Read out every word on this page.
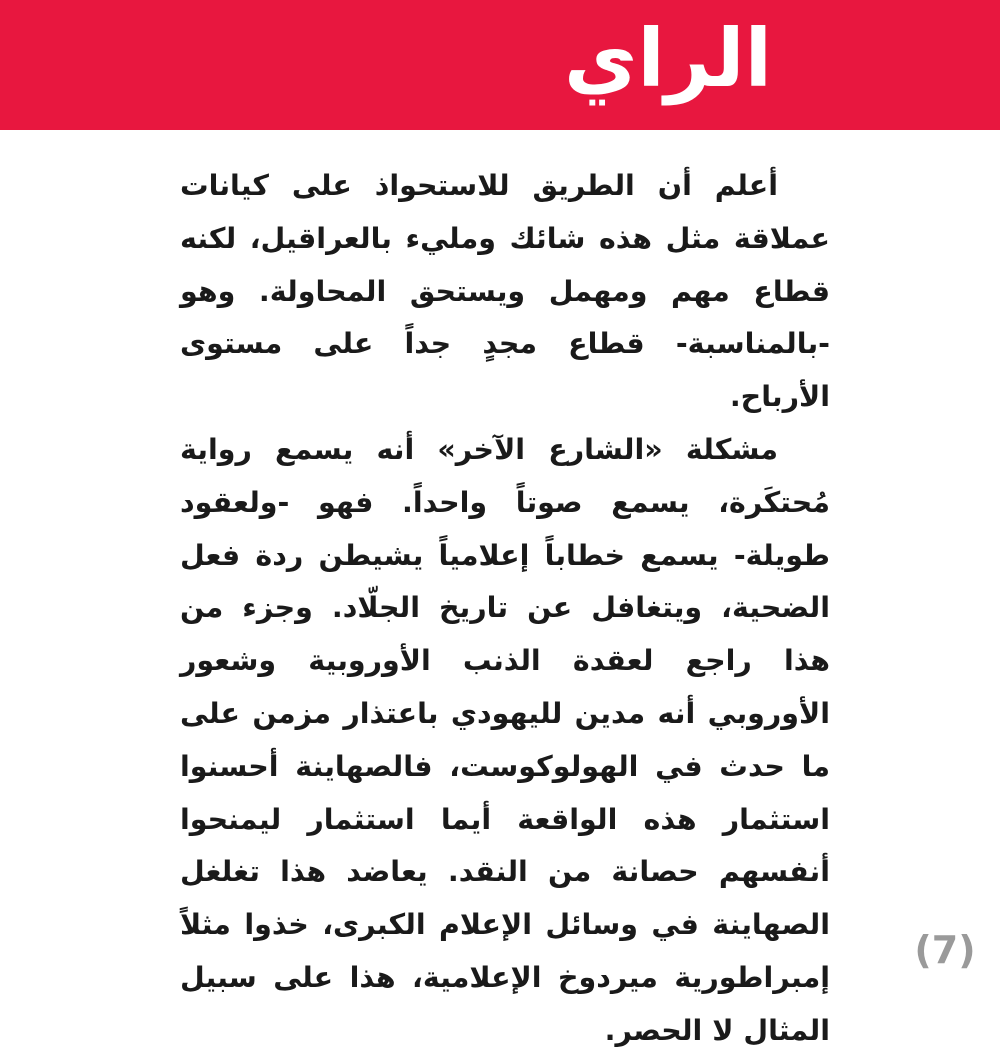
الراي

أعلم أن الطريق للاستحواذ على كيانات عملاقة مثل هذه شائك ومليء بالعراقيل، لكنه قطاع مهم ومهمل ويستحق المحاولة. وهو -بالمناسبة- قطاع مجدٍ جداً على مستوى الأرباح.

مشكلة «الشارع الآخر» أنه يسمع رواية مُحتكَرة، يسمع صوتاً واحداً. فهو -ولعقود طويلة- يسمع خطاباً إعلامياً يشيطن ردة فعل الضحية، ويتغافل عن تاريخ الجلّاد. وجزء من هذا راجع لعقدة الذنب الأوروبية وشعور الأوروبي أنه مدين لليهودي باعتذار مزمن على ما حدث في الهولوكوست، فالصهاينة أحسنوا استثمار هذه الواقعة أيما استثمار ليمنحوا أنفسهم حصانة من النقد. يعاضد هذا تغلغل الصهاينة في وسائل الإعلام الكبرى، خذوا مثلاً إمبراطورية ميردوخ الإعلامية، هذا على سبيل المثال لا الحصر.

(7)
